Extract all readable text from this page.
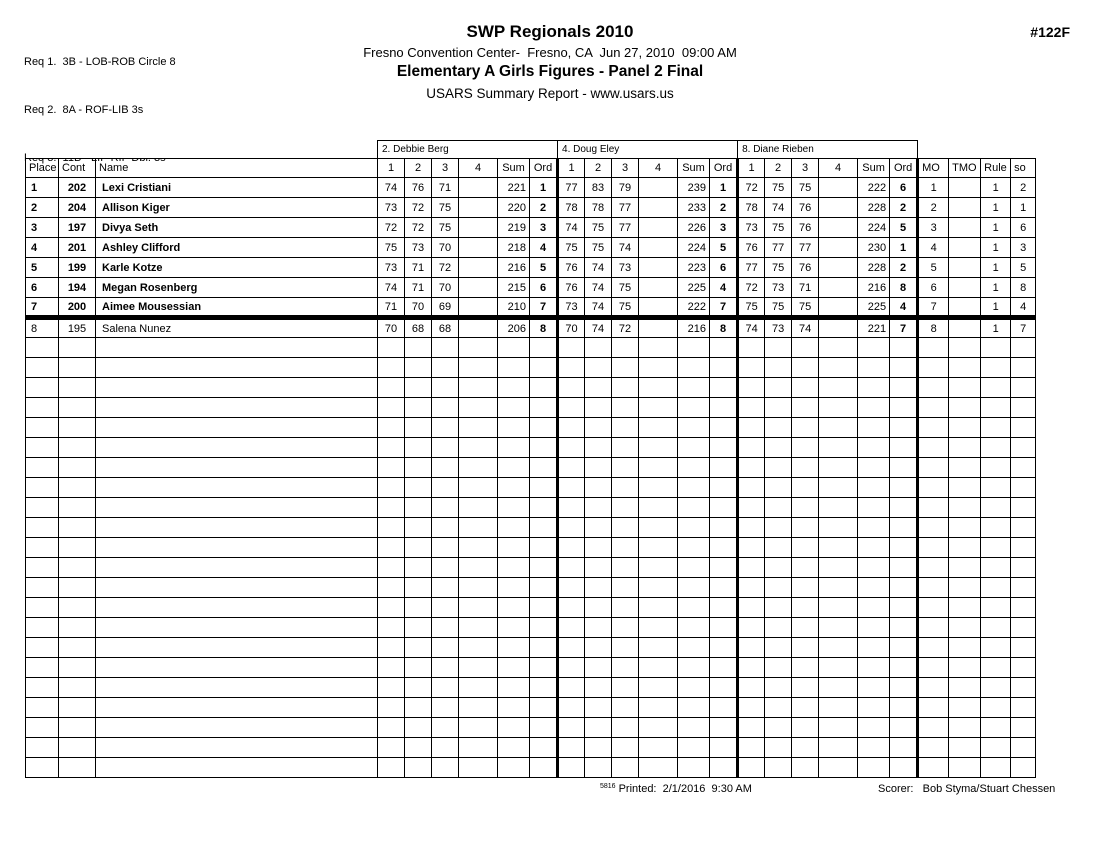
Req 1.  3B - LOB-ROB Circle 8

Req 2.  8A - ROF-LIB 3s

#122F
SWP Regionals 2010
Fresno Convention Center-  Fresno, CA  Jun 27, 2010  09:00 AM
Elementary A Girls Figures - Panel 2 Final
USARS Summary Report - www.usars.us
			2. Debbie Berg						4. Doug Eley						8. Diane Rieben									
Place	Cont	Name	1	2	3	4	Sum	Ord	1	2	3	4	Sum	Ord	1	2	3	4	Sum	Ord	MO	TMO	Rule	so
1	202	Lexi Cristiani	74	76	71		221	1	77	83	79		239	1	72	75	75		222	6	1		1	2
2	204	Allison Kiger	73	72	75		220	2	78	78	77		233	2	78	74	76		228	2	2		1	1
3	197	Divya Seth	72	72	75		219	3	74	75	77		226	3	73	75	76		224	5	3		1	6
4	201	Ashley Clifford	75	73	70		218	4	75	75	74		224	5	76	77	77		230	1	4		1	3
5	199	Karle Kotze	73	71	72		216	5	76	74	73		223	6	77	75	76		228	2	5		1	5
6	194	Megan Rosenberg	74	71	70		215	6	76	74	75		225	4	72	73	71		216	8	6		1	8
7	200	Aimee Mousessian	71	70	69		210	7	73	74	75		222	7	75	75	75		225	4	7		1	4
8	195	Salena Nunez	70	68	68		206	8	70	74	72		216	8	74	73	74		221	7	8		1	7

$^{5816}$ Printed:  2/1/2016  9:30 AM	Scorer:   Bob Styma/Stuart Chessen
